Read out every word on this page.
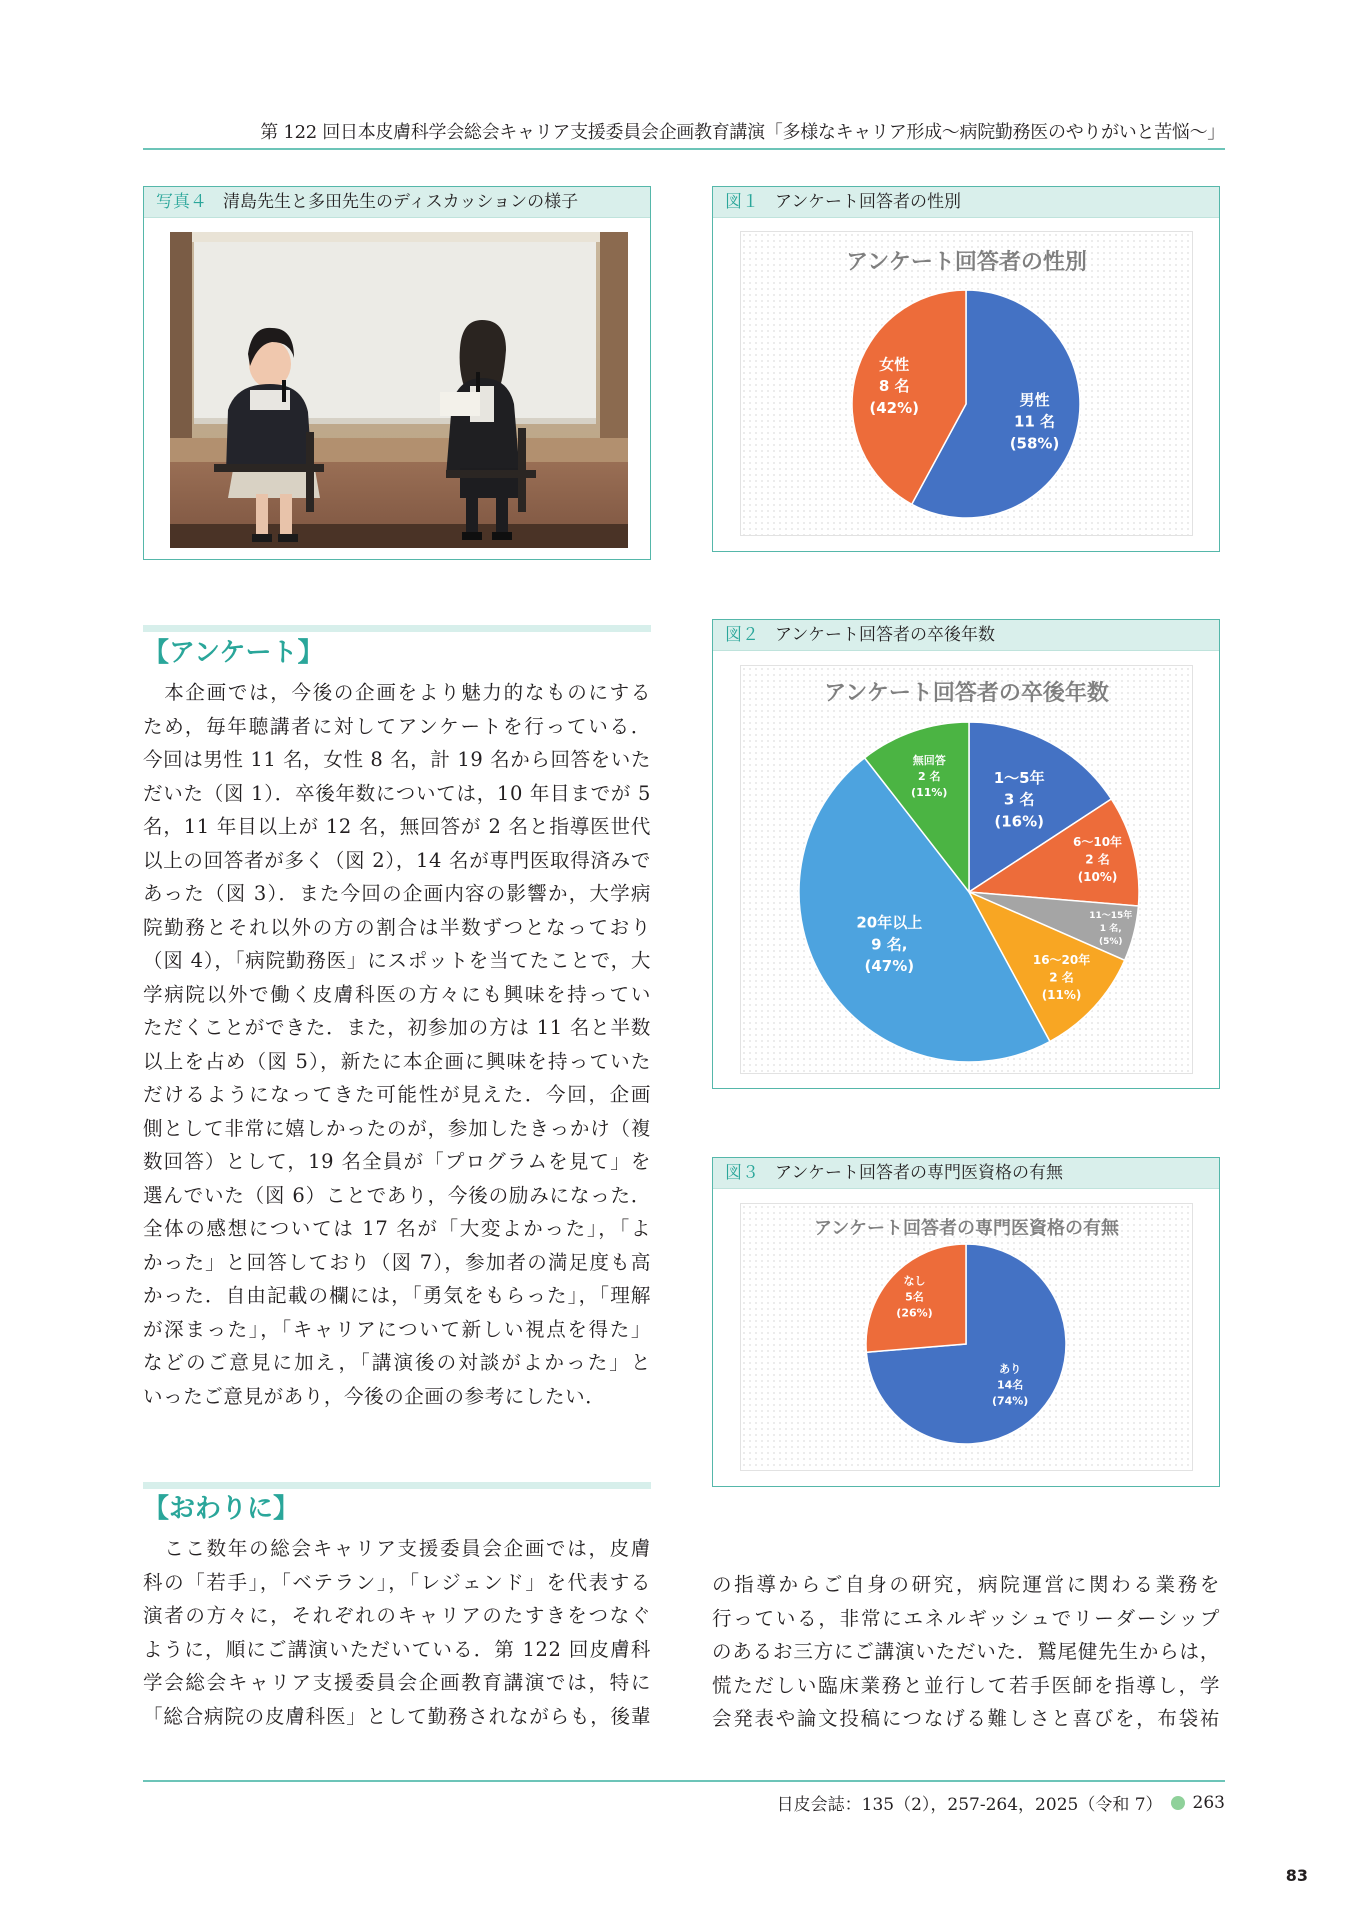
第 122 回日本皮膚科学会総会キャリア支援委員会企画教育講演「多様なキャリア形成〜病院勤務医のやりがいと苦悩〜」
写真４ 清島先生と多田先生のディスカッションの様子	図１ アンケート回答者の性別
アンケート回答者の性別
男性
11 名
(58%)
女性
8 名
(42%)
図２ アンケート回答者の卒後年数
アンケート回答者の卒後年数
1〜5年
3 名
(16%)
6〜10年
2 名
(10%)
11〜15年
1 名,
(5%)
16〜20年
2 名
(11%)
20年以上
9 名,
(47%)
無回答
2 名
(11%)
図３ アンケート回答者の専門医資格の有無
アンケート回答者の専門医資格の有無
あり
14名
(74%)
なし
5名
(26%)
【アンケート】
　本企画では，今後の企画をより魅力的なものにする
ため，毎年聴講者に対してアンケートを行っている．
今回は男性 11 名，女性 8 名，計 19 名から回答をいた
だいた（図 1）．卒後年数については，10 年目までが 5
名，11 年目以上が 12 名，無回答が 2 名と指導医世代
以上の回答者が多く（図 2），14 名が専門医取得済みで
あった（図 3）．また今回の企画内容の影響か，大学病
院勤務とそれ以外の方の割合は半数ずつとなっており
（図 4），「病院勤務医」にスポットを当てたことで，大
学病院以外で働く皮膚科医の方々にも興味を持ってい
ただくことができた．また，初参加の方は 11 名と半数
以上を占め（図 5），新たに本企画に興味を持っていた
だけるようになってきた可能性が見えた．今回，企画
側として非常に嬉しかったのが，参加したきっかけ（複
数回答）として，19 名全員が「プログラムを見て」を
選んでいた（図 6）ことであり，今後の励みになった．
全体の感想については 17 名が「大変よかった」，「よ
かった」と回答しており（図 7），参加者の満足度も高
かった．自由記載の欄には，「勇気をもらった」，「理解
が深まった」，「キャリアについて新しい視点を得た」
などのご意見に加え，「講演後の対談がよかった」と
いったご意見があり，今後の企画の参考にしたい．
【おわりに】
　ここ数年の総会キャリア支援委員会企画では，皮膚
科の「若手」，「ベテラン」，「レジェンド」を代表する
演者の方々に，それぞれのキャリアのたすきをつなぐ
ように，順にご講演いただいている．第 122 回皮膚科
学会総会キャリア支援委員会企画教育講演では，特に
「総合病院の皮膚科医」として勤務されながらも，後輩
の指導からご自身の研究，病院運営に関わる業務を
行っている，非常にエネルギッシュでリーダーシップ
のあるお三方にご講演いただいた．鷲尾健先生からは，
慌ただしい臨床業務と並行して若手医師を指導し，学
会発表や論文投稿につなげる難しさと喜びを，布袋祐
日皮会誌：135（2），257-264，2025（令和 7） 263
83
